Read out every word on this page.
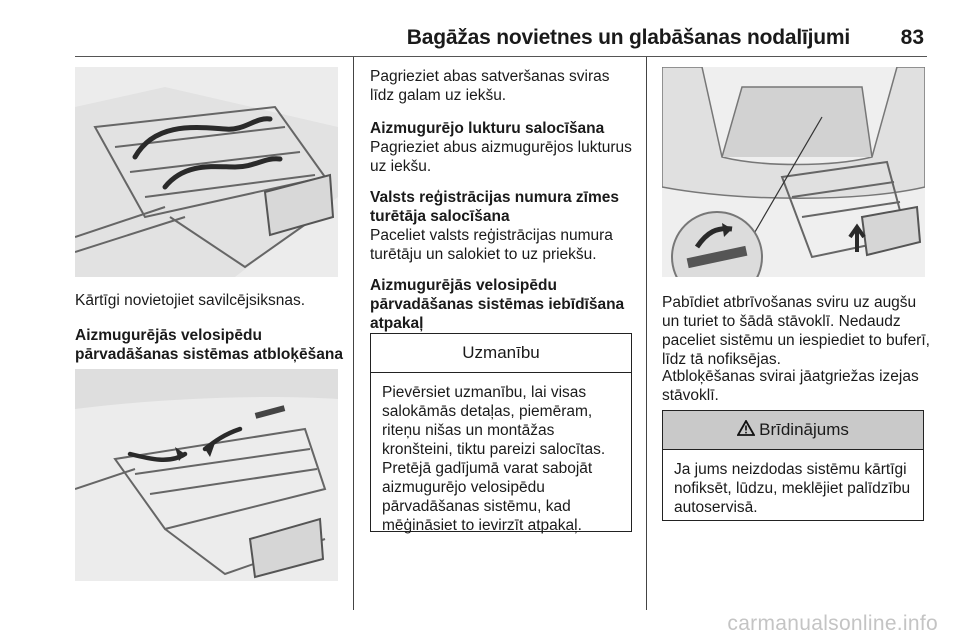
Bagāžas novietnes un glabāšanas nodalījumi	83
Kārtīgi novietojiet savilcējsiksnas.
Aizmugurējās velosipēdu pārvadāšanas sistēmas atbloķēšana
Pagrieziet abas satveršanas sviras līdz galam uz iekšu.
Aizmugurējo lukturu salocīšana
Pagrieziet abus aizmugurējos lukturus uz iekšu.
Valsts reģistrācijas numura zīmes turētāja salocīšana
Paceliet valsts reģistrācijas numura turētāju un salokiet to uz priekšu.
Aizmugurējās velosipēdu pārvadāšanas sistēmas iebīdīšana atpakaļ
Uzmanību
Pievērsiet uzmanību, lai visas salokāmās detaļas, piemēram, riteņu nišas un montāžas kronšteini, tiktu pareizi salocītas. Pretējā gadījumā varat sabojāt aizmugurējo velosipēdu pārvadāšanas sistēmu, kad mēģināsiet to ievirzīt atpakaļ.
Pabīdiet atbrīvošanas sviru uz augšu un turiet to šādā stāvoklī. Nedaudz paceliet sistēmu un iespiediet to buferī, līdz tā nofiksējas.
Atbloķēšanas svirai jāatgriežas izejas stāvoklī.
Brīdinājums
Ja jums neizdodas sistēmu kārtīgi nofiksēt, lūdzu, meklējiet palīdzību autoservisā.
carmanualsonline.info
